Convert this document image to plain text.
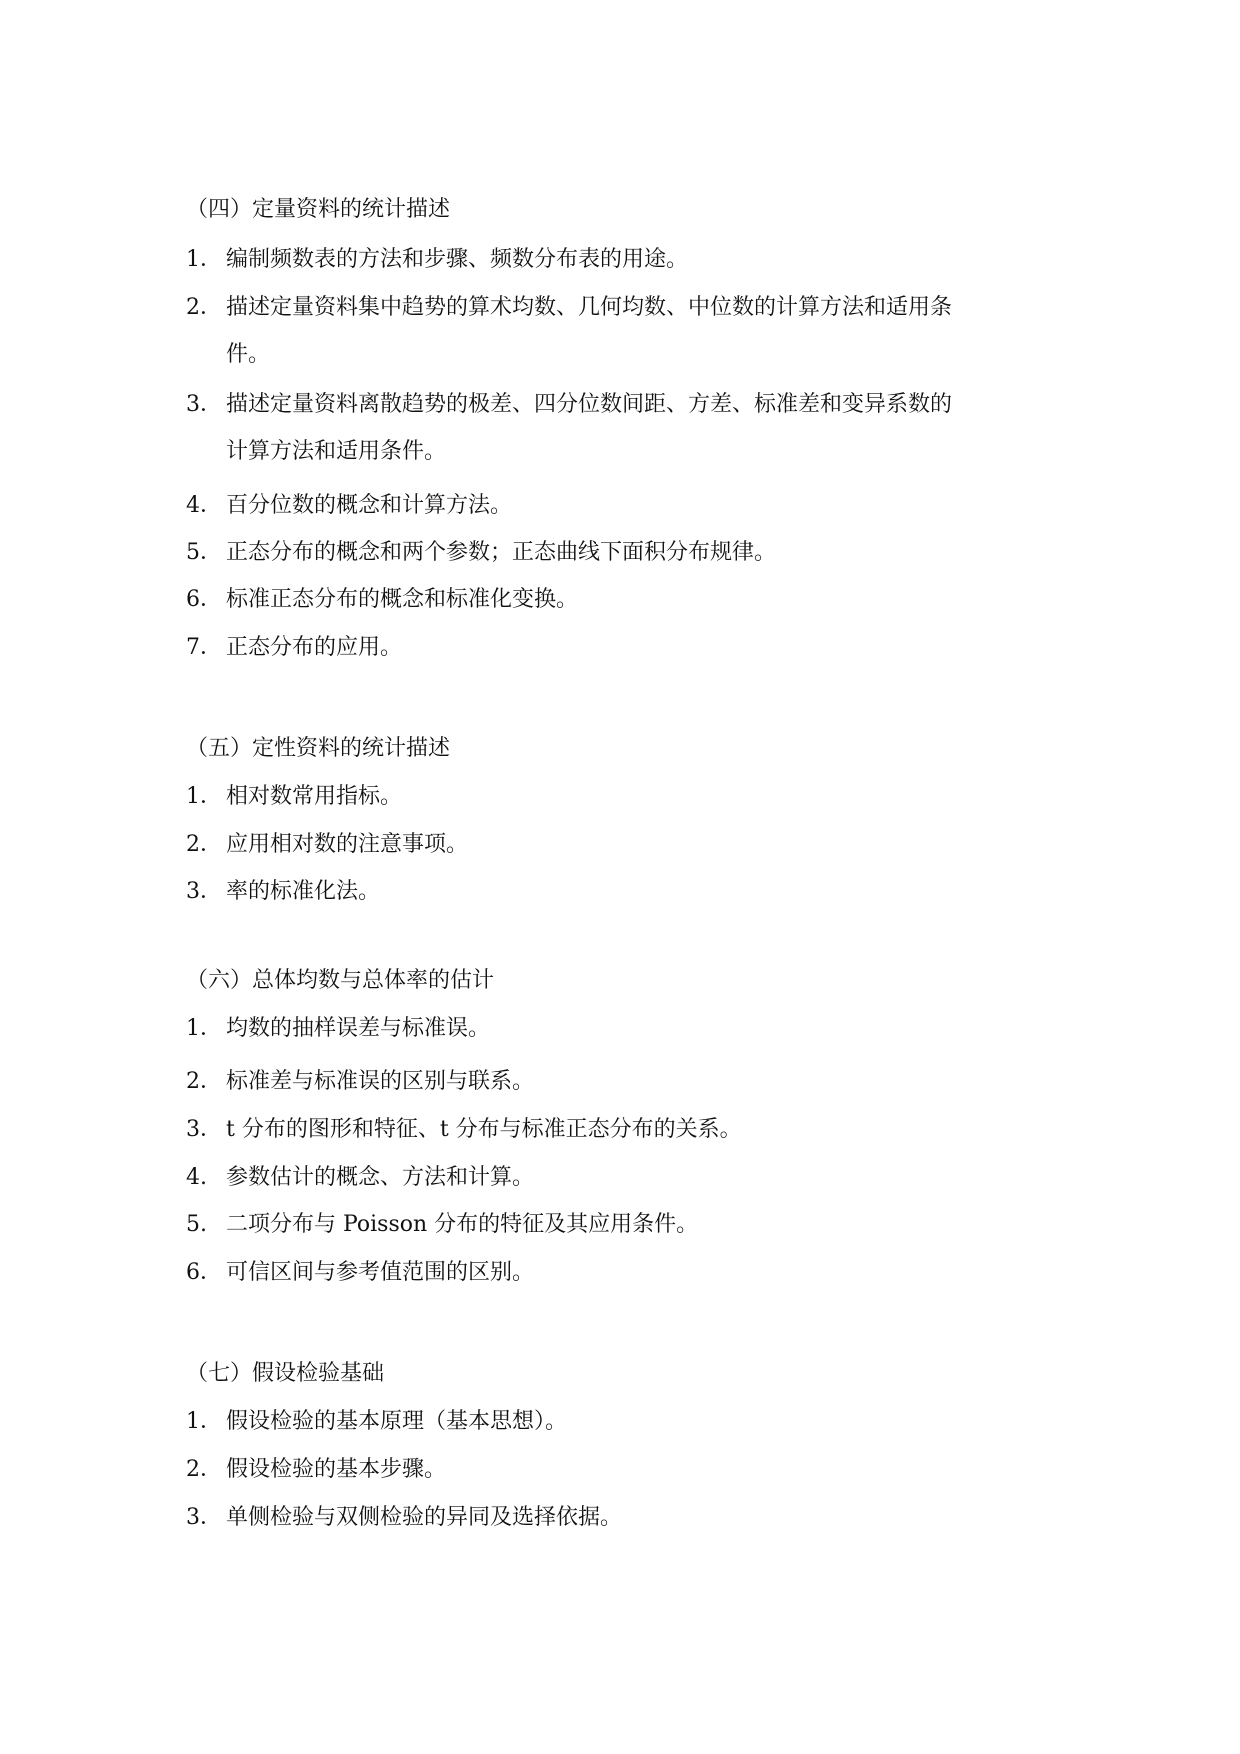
（四）定量资料的统计描述
1． 编制频数表的方法和步骤、频数分布表的用途。
2． 描述定量资料集中趋势的算术均数、几何均数、中位数的计算方法和适用条
件。
3． 描述定量资料离散趋势的极差、四分位数间距、方差、标准差和变异系数的
计算方法和适用条件。
4． 百分位数的概念和计算方法。
5． 正态分布的概念和两个参数；正态曲线下面积分布规律。
6． 标准正态分布的概念和标准化变换。
7． 正态分布的应用。
（五）定性资料的统计描述
1． 相对数常用指标。
2． 应用相对数的注意事项。
3． 率的标准化法。
（六）总体均数与总体率的估计
1． 均数的抽样误差与标准误。
2． 标准差与标准误的区别与联系。
3． t 分布的图形和特征、t 分布与标准正态分布的关系。
4. 参数估计的概念、方法和计算。
5. 二项分布与 Poisson 分布的特征及其应用条件。
6． 可信区间与参考值范围的区别。
（七）假设检验基础
1． 假设检验的基本原理（基本思想）。
2． 假设检验的基本步骤。
3． 单侧检验与双侧检验的异同及选择依据。
